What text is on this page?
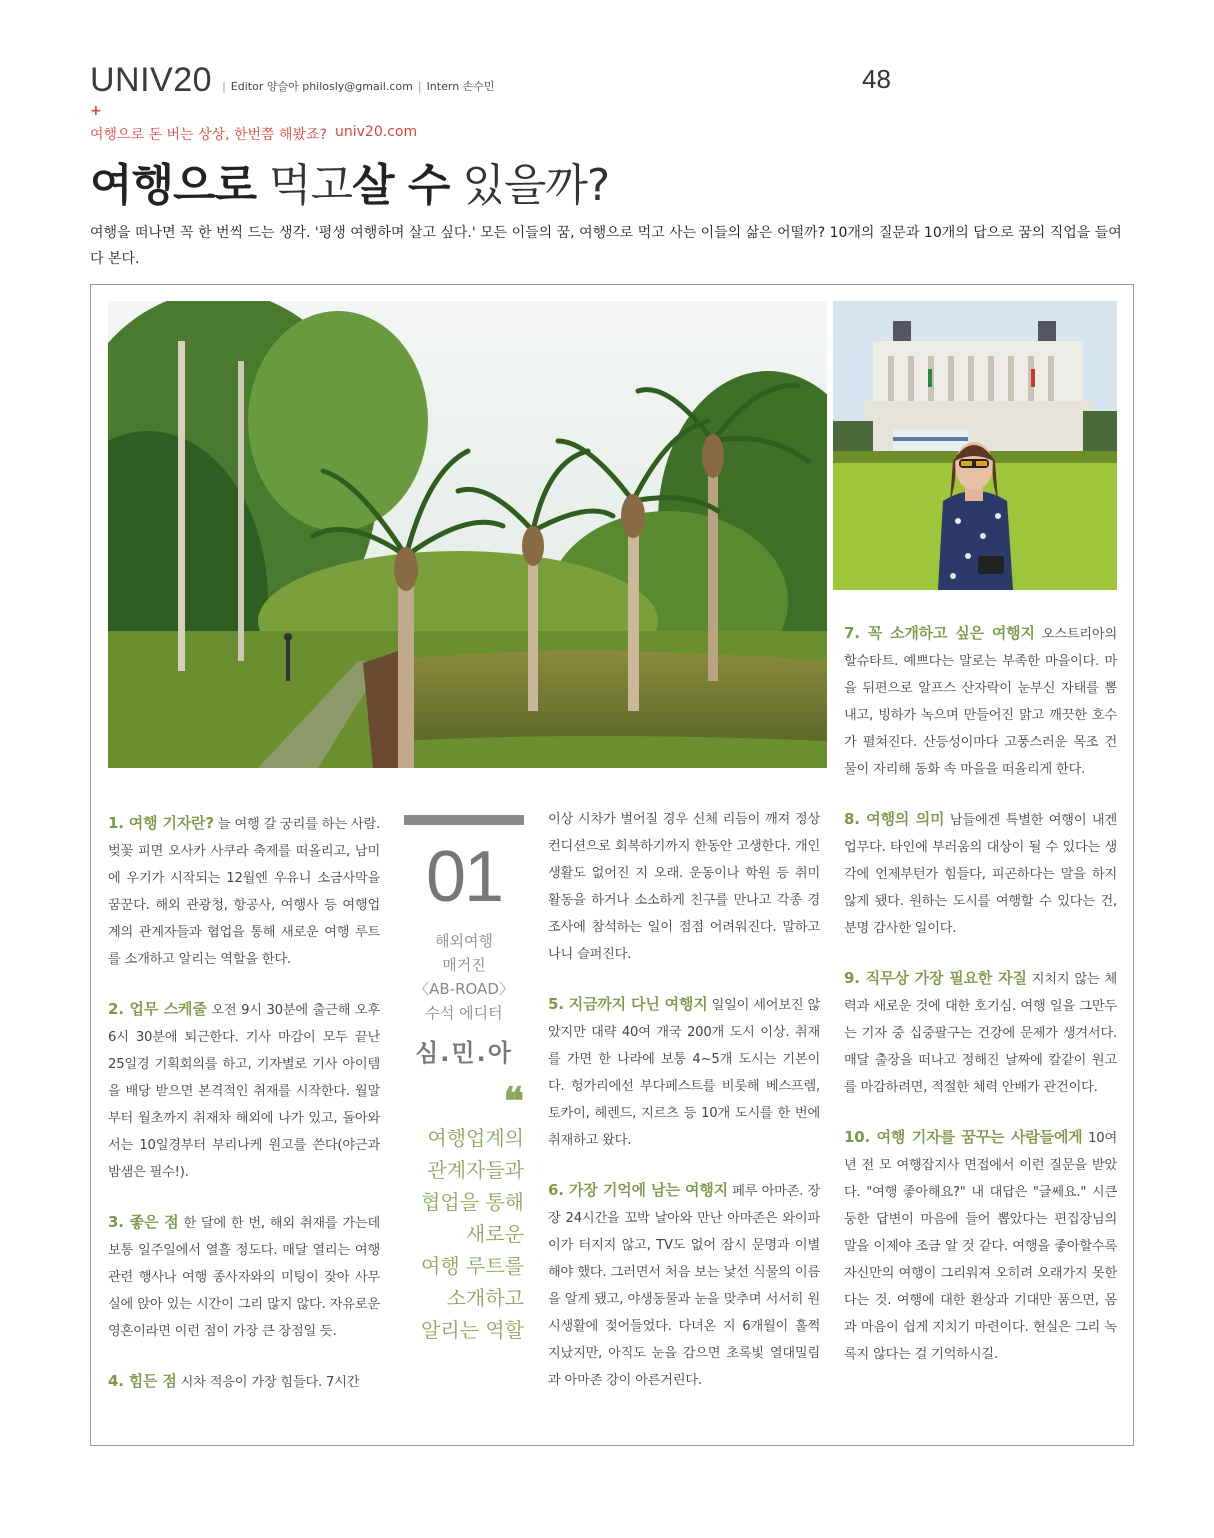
UNIV20 | Editor 양슬아 philosly@gmail.com | Intern 손수민	48
+
여행으로 돈 버는 상상, 한번쯤 해봤죠? univ20.com
여행으로 먹고살 수 있을까?
여행을 떠나면 꼭 한 번씩 드는 생각. '평생 여행하며 살고 싶다.' 모든 이들의 꿈, 여행으로 먹고 사는 이들의 삶은 어떨까? 10개의 질문과 10개의 답으로 꿈의 직업을 들여다 본다.

1. 여행 기자란? 늘 여행 갈 궁리를 하는 사람. 벚꽃 피면 오사카 사쿠라 축제를 떠올리고, 남미에 우기가 시작되는 12월엔 우유니 소금사막을 꿈꾼다. 해외 관광청, 항공사, 여행사 등 여행업계의 관계자들과 협업을 통해 새로운 여행 루트를 소개하고 알리는 역할을 한다.

2. 업무 스케줄 오전 9시 30분에 출근해 오후 6시 30분에 퇴근한다. 기사 마감이 모두 끝난 25일경 기획회의를 하고, 기자별로 기사 아이템을 배당 받으면 본격적인 취재를 시작한다. 월말부터 월초까지 취재차 해외에 나가 있고, 돌아와서는 10일경부터 부리나케 원고를 쓴다(야근과 밤샘은 필수!).

3. 좋은 점 한 달에 한 번, 해외 취재를 가는데 보통 일주일에서 열흘 정도다. 매달 열리는 여행 관련 행사나 여행 종사자와의 미팅이 잦아 사무실에 앉아 있는 시간이 그리 많지 않다. 자유로운 영혼이라면 이런 점이 가장 큰 장점일 듯.

4. 힘든 점 시차 적응이 가장 힘들다. 7시간

01
해외여행
매거진
〈AB-ROAD〉
수석 에디터
심.민.아
❝
여행업계의
관계자들과
협업을 통해
새로운
여행 루트를
소개하고
알리는 역할

이상 시차가 벌어질 경우 신체 리듬이 깨져 정상 컨디션으로 회복하기까지 한동안 고생한다. 개인 생활도 없어진 지 오래. 운동이나 학원 등 취미 활동을 하거나 소소하게 친구를 만나고 각종 경조사에 참석하는 일이 점점 어려워진다. 말하고 나니 슬퍼진다.

5. 지금까지 다닌 여행지 일일이 세어보진 않았지만 대략 40여 개국 200개 도시 이상. 취재를 가면 한 나라에 보통 4~5개 도시는 기본이다. 헝가리에선 부다페스트를 비롯해 베스프렘, 토카이, 헤렌드, 지르츠 등 10개 도시를 한 번에 취재하고 왔다.

6. 가장 기억에 남는 여행지 페루 아마존. 장장 24시간을 꼬박 날아와 만난 아마존은 와이파이가 터지지 않고, TV도 없어 잠시 문명과 이별해야 했다. 그러면서 처음 보는 낯선 식물의 이름을 알게 됐고, 야생동물과 눈을 맞추며 서서히 원시생활에 젖어들었다. 다녀온 지 6개월이 훌쩍 지났지만, 아직도 눈을 감으면 초록빛 열대밀림과 아마존 강이 아른거린다.

7. 꼭 소개하고 싶은 여행지 오스트리아의 할슈타트. 예쁘다는 말로는 부족한 마을이다. 마을 뒤편으로 알프스 산자락이 눈부신 자태를 뽐내고, 빙하가 녹으며 만들어진 맑고 깨끗한 호수가 펼쳐진다. 산등성이마다 고풍스러운 목조 건물이 자리해 동화 속 마을을 떠올리게 한다.

8. 여행의 의미 남들에겐 특별한 여행이 내겐 업무다. 타인에 부러움의 대상이 될 수 있다는 생각에 언제부턴가 힘들다, 피곤하다는 말을 하지 않게 됐다. 원하는 도시를 여행할 수 있다는 건, 분명 감사한 일이다.

9. 직무상 가장 필요한 자질 지치지 않는 체력과 새로운 것에 대한 호기심. 여행 일을 그만두는 기자 중 십중팔구는 건강에 문제가 생겨서다. 매달 출장을 떠나고 정해진 날짜에 칼같이 원고를 마감하려면, 적절한 체력 안배가 관건이다.

10. 여행 기자를 꿈꾸는 사람들에게 10여 년 전 모 여행잡지사 면접에서 이런 질문을 받았다. "여행 좋아해요?" 내 대답은 "글쎄요." 시큰둥한 답변이 마음에 들어 뽑았다는 편집장님의 말을 이제야 조금 알 것 같다. 여행을 좋아할수록 자신만의 여행이 그리워져 오히려 오래가지 못한다는 것. 여행에 대한 환상과 기대만 품으면, 몸과 마음이 쉽게 지치기 마련이다. 현실은 그리 녹록지 않다는 걸 기억하시길.
